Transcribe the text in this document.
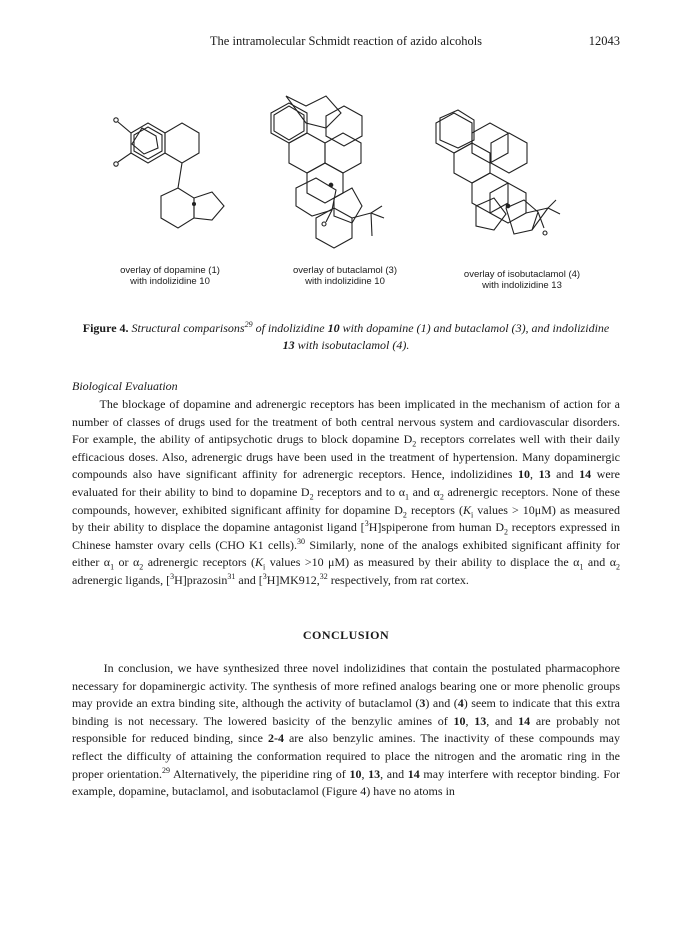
The intramolecular Schmidt reaction of azido alcohols	12043
overlay of dopamine (1)
with indolizidine 10
overlay of butaclamol (3)
with indolizidine 10
overlay of isobutaclamol (4)
with indolizidine 13
Figure 4. Structural comparisons$^{29}$ of indolizidine 10 with dopamine (1) and butaclamol (3), and indolizidine
13 with isobutaclamol (4).
Biological Evaluation
The blockage of dopamine and adrenergic receptors has been implicated in the mechanism of action for a number of classes of drugs used for the treatment of both central nervous system and cardiovascular disorders. For example, the ability of antipsychotic drugs to block dopamine $D_2$ receptors correlates well with their daily efficacious doses. Also, adrenergic drugs have been used in the treatment of hypertension. Many dopaminergic compounds also have significant affinity for adrenergic receptors. Hence, indolizidines 10, 13 and 14 were evaluated for their ability to bind to dopamine $D_2$ receptors and to $\alpha_1$ and $\alpha_2$ adrenergic receptors. None of these compounds, however, exhibited significant affinity for dopamine $D_2$ receptors ($K_i$ values > 10μM) as measured by their ability to displace the dopamine antagonist ligand [$^3$H]spiperone from human $D_2$ receptors expressed in Chinese hamster ovary cells (CHO K1 cells).$^{30}$ Similarly, none of the analogs exhibited significant affinity for either $\alpha_1$ or $\alpha_2$ adrenergic receptors ($K_i$ values >10 μM) as measured by their ability to displace the $\alpha_1$ and $\alpha_2$ adrenergic ligands, [$^3$H]prazosin$^{31}$ and [$^3$H]MK912,32 respectively, from rat cortex.
CONCLUSION
In conclusion, we have synthesized three novel indolizidines that contain the postulated pharmacophore necessary for dopaminergic activity. The synthesis of more refined analogs bearing one or more phenolic groups may provide an extra binding site, although the activity of butaclamol (3) and (4) seem to indicate that this extra binding is not necessary. The lowered basicity of the benzylic amines of 10, 13, and 14 are probably not responsible for reduced binding, since 2-4 are also benzylic amines. The inactivity of these compounds may reflect the difficulty of attaining the conformation required to place the nitrogen and the aromatic ring in the proper orientation.$^{29}$ Alternatively, the piperidine ring of 10, 13, and 14 may interfere with receptor binding. For example, dopamine, butaclamol, and isobutaclamol (Figure 4) have no atoms in
